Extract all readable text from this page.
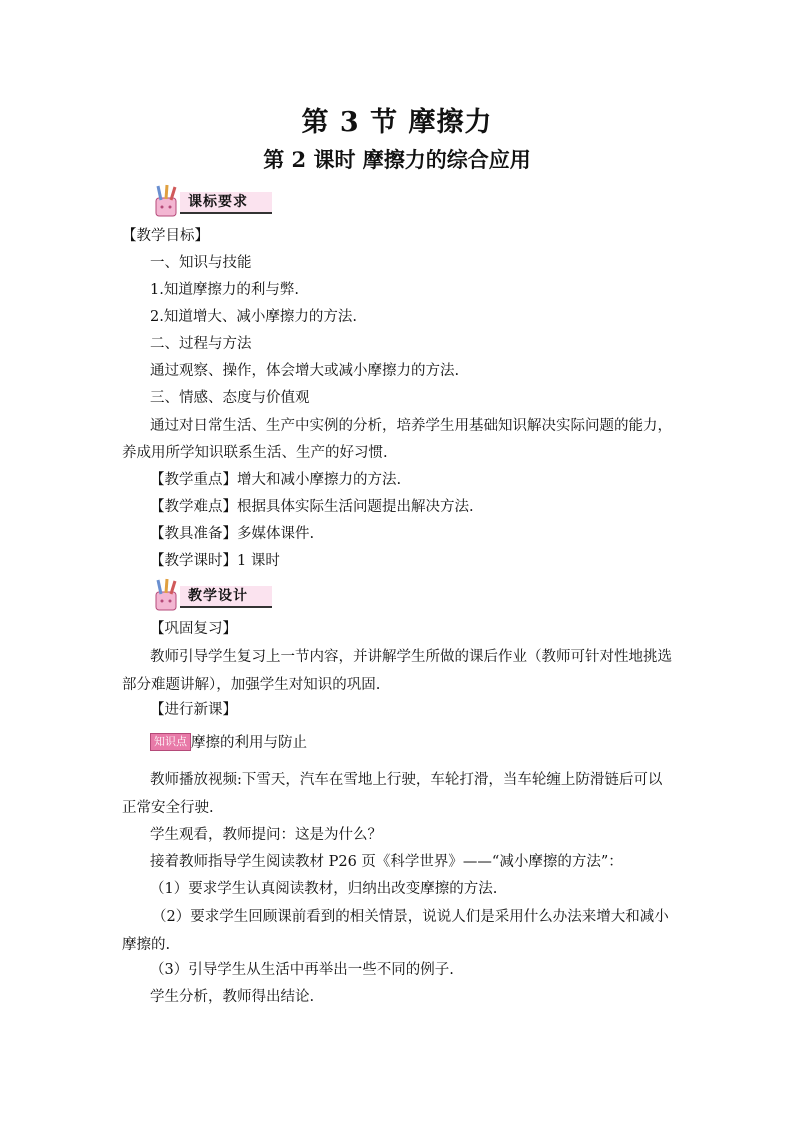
第 3 节 摩擦力
第 2 课时 摩擦力的综合应用
课标要求
【教学目标】
一、知识与技能
1.知道摩擦力的利与弊.
2.知道增大、减小摩擦力的方法.
二、过程与方法
通过观察、操作，体会增大或减小摩擦力的方法.
三、情感、态度与价值观
通过对日常生活、生产中实例的分析，培养学生用基础知识解决实际问题的能力，养成用所学知识联系生活、生产的好习惯.
【教学重点】增大和减小摩擦力的方法.
【教学难点】根据具体实际生活问题提出解决方法.
【教具准备】多媒体课件.
【教学课时】1 课时
教学设计
【巩固复习】
教师引导学生复习上一节内容，并讲解学生所做的课后作业（教师可针对性地挑选部分难题讲解），加强学生对知识的巩固.
【进行新课】
知识点 摩擦的利用与防止
教师播放视频:下雪天，汽车在雪地上行驶，车轮打滑，当车轮缠上防滑链后可以正常安全行驶.
学生观看，教师提问：这是为什么？
接着教师指导学生阅读教材 P26 页《科学世界》——“减小摩擦的方法”：
（1）要求学生认真阅读教材，归纳出改变摩擦的方法.
（2）要求学生回顾课前看到的相关情景，说说人们是采用什么办法来增大和减小摩擦的.
（3）引导学生从生活中再举出一些不同的例子.
学生分析，教师得出结论.
